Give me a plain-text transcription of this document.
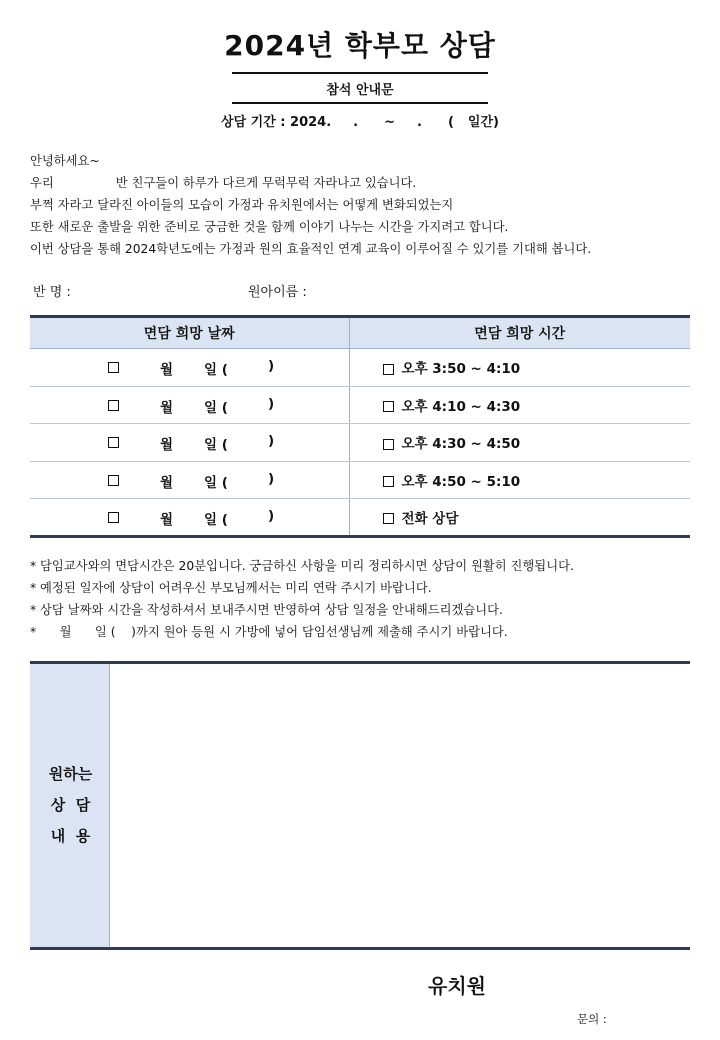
2024년 학부모 상담
참석 안내문
상담 기간 : 2024. . ~ . ( 일간)
안녕하세요~
우리	반 친구들이 하루가 다르게 무럭무럭 자라나고 있습니다.
부쩍 자라고 달라진 아이들의 모습이 가정과 유치원에서는 어떻게 변화되었는지
또한 새로운 출발을 위한 준비로 궁금한 것을 함께 이야기 나누는 시간을 가지려고 합니다.
이번 상담을 통해 2024학년도에는 가정과 원의 효율적인 연계 교육이 이루어질 수 있기를 기대해 봅니다.
반 명 :	원아이름 :
면담 희망 날짜	면담 희망 시간

월 일 ( )	오후 3:50 ~ 4:10

월 일 ( )	오후 4:10 ~ 4:30

월 일 ( )	오후 4:30 ~ 4:50

월 일 ( )	오후 4:50 ~ 5:10

월 일 ( )	전화 상담
* 담임교사와의 면담시간은 20분입니다. 궁금하신 사항을 미리 정리하시면 상담이 원활히 진행됩니다.
* 예정된 일자에 상담이 어려우신 부모님께서는 미리 연락 주시기 바랍니다.
* 상담 날짜와 시간을 작성하셔서 보내주시면 반영하여 상담 일정을 안내해드리겠습니다.
*      월      일 (    )까지 원아 등원 시 가방에 넣어 담임선생님께 제출해 주시기 바랍니다.
원하는
상  담
내  용
유치원
문의 :
